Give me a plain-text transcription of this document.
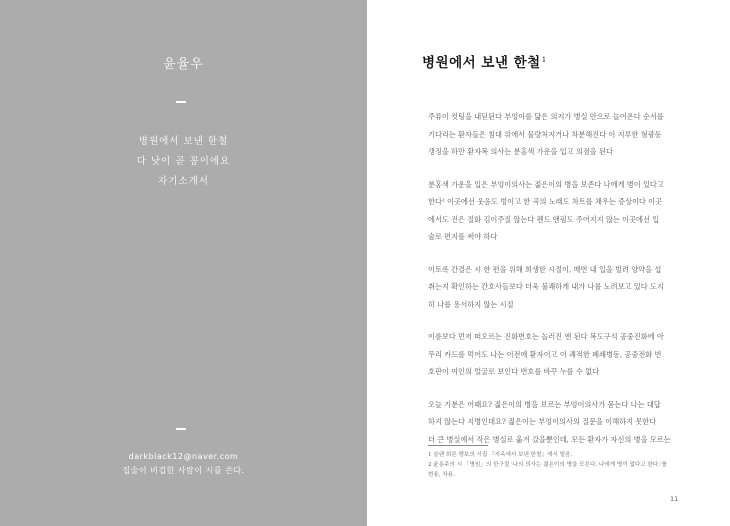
윤율우
병원에서 보낸 한철
다 낫이 곧 꽁이에요
자기소개서
darkblack12@naver.com
집술이 비겁한 사람이 시를 쓴다.
병원에서 보낸 한철$^1$
주류이 컷팅을 내딛된다 부엉이를 닮은 의지가 병실 안으로 늘어온다 순서를
기다리는 환자들은 침대 위에서 물량처지거나 차분해진다 이 지루한 형광등
갱징을 하만 환자복 의사는 분홍색 가운을 입고 의점을 된다
분홍색 가운을 입은 부엉이의사는 젊은이의 병을 보존다 나에게 병이 있다고
한다² 이곳에선 웃음도 벙이고 한 곡의 노래도 차트를 채우는 증상이다 이곳
에서도 진은 질화 김이주질 않는다 펜드 앤필도 주어지지 않는 이곳에선 입
술로 편지를 써야 하다
이토록 간결은 시 한 편을 위해 희생한 시절이, 매번 내 입을 빌려 양약을 섭
취는지 확인하는 간호사들보다 더욱 불쾌하게 내가 나를 노려보고 있다 도지
히 나를 용서하지 않는 시절
이름보다 먼저 떠오르는 진화번호는 놀러진 엔 된다 복도구석 공중진화에 아
무리 카드를 먹어도 나는 이전에 환자이고 이 쾌적한 폐쇄병동, 공중전화 번
호판이 여인의 얼굴로 보인다 번호를 바꾸 누를 수 없다
오늘 기분은 어때요? 젊은이의 병을 보르는 부엉이의사가 묻는다 나는 대답
하지 않는다 지병인데요? 젊은이는 부엉이의사의 질문을 이해하지 못한다
더 큰 병실에서 작은 병실로 옮겨 갔을뿐인데, 모든 환자가 자신의 병을 모르는
1 슬랜 희른 랭보의 시집 『지옥에서 보낸 한철』에서 빌음.
2 윤동주의 시 「병원」의 한구절 '나의 의사는 젊은이의 병을 모른다. 나에게 병이 없다고 한다.'를
변용, 차용.
11
